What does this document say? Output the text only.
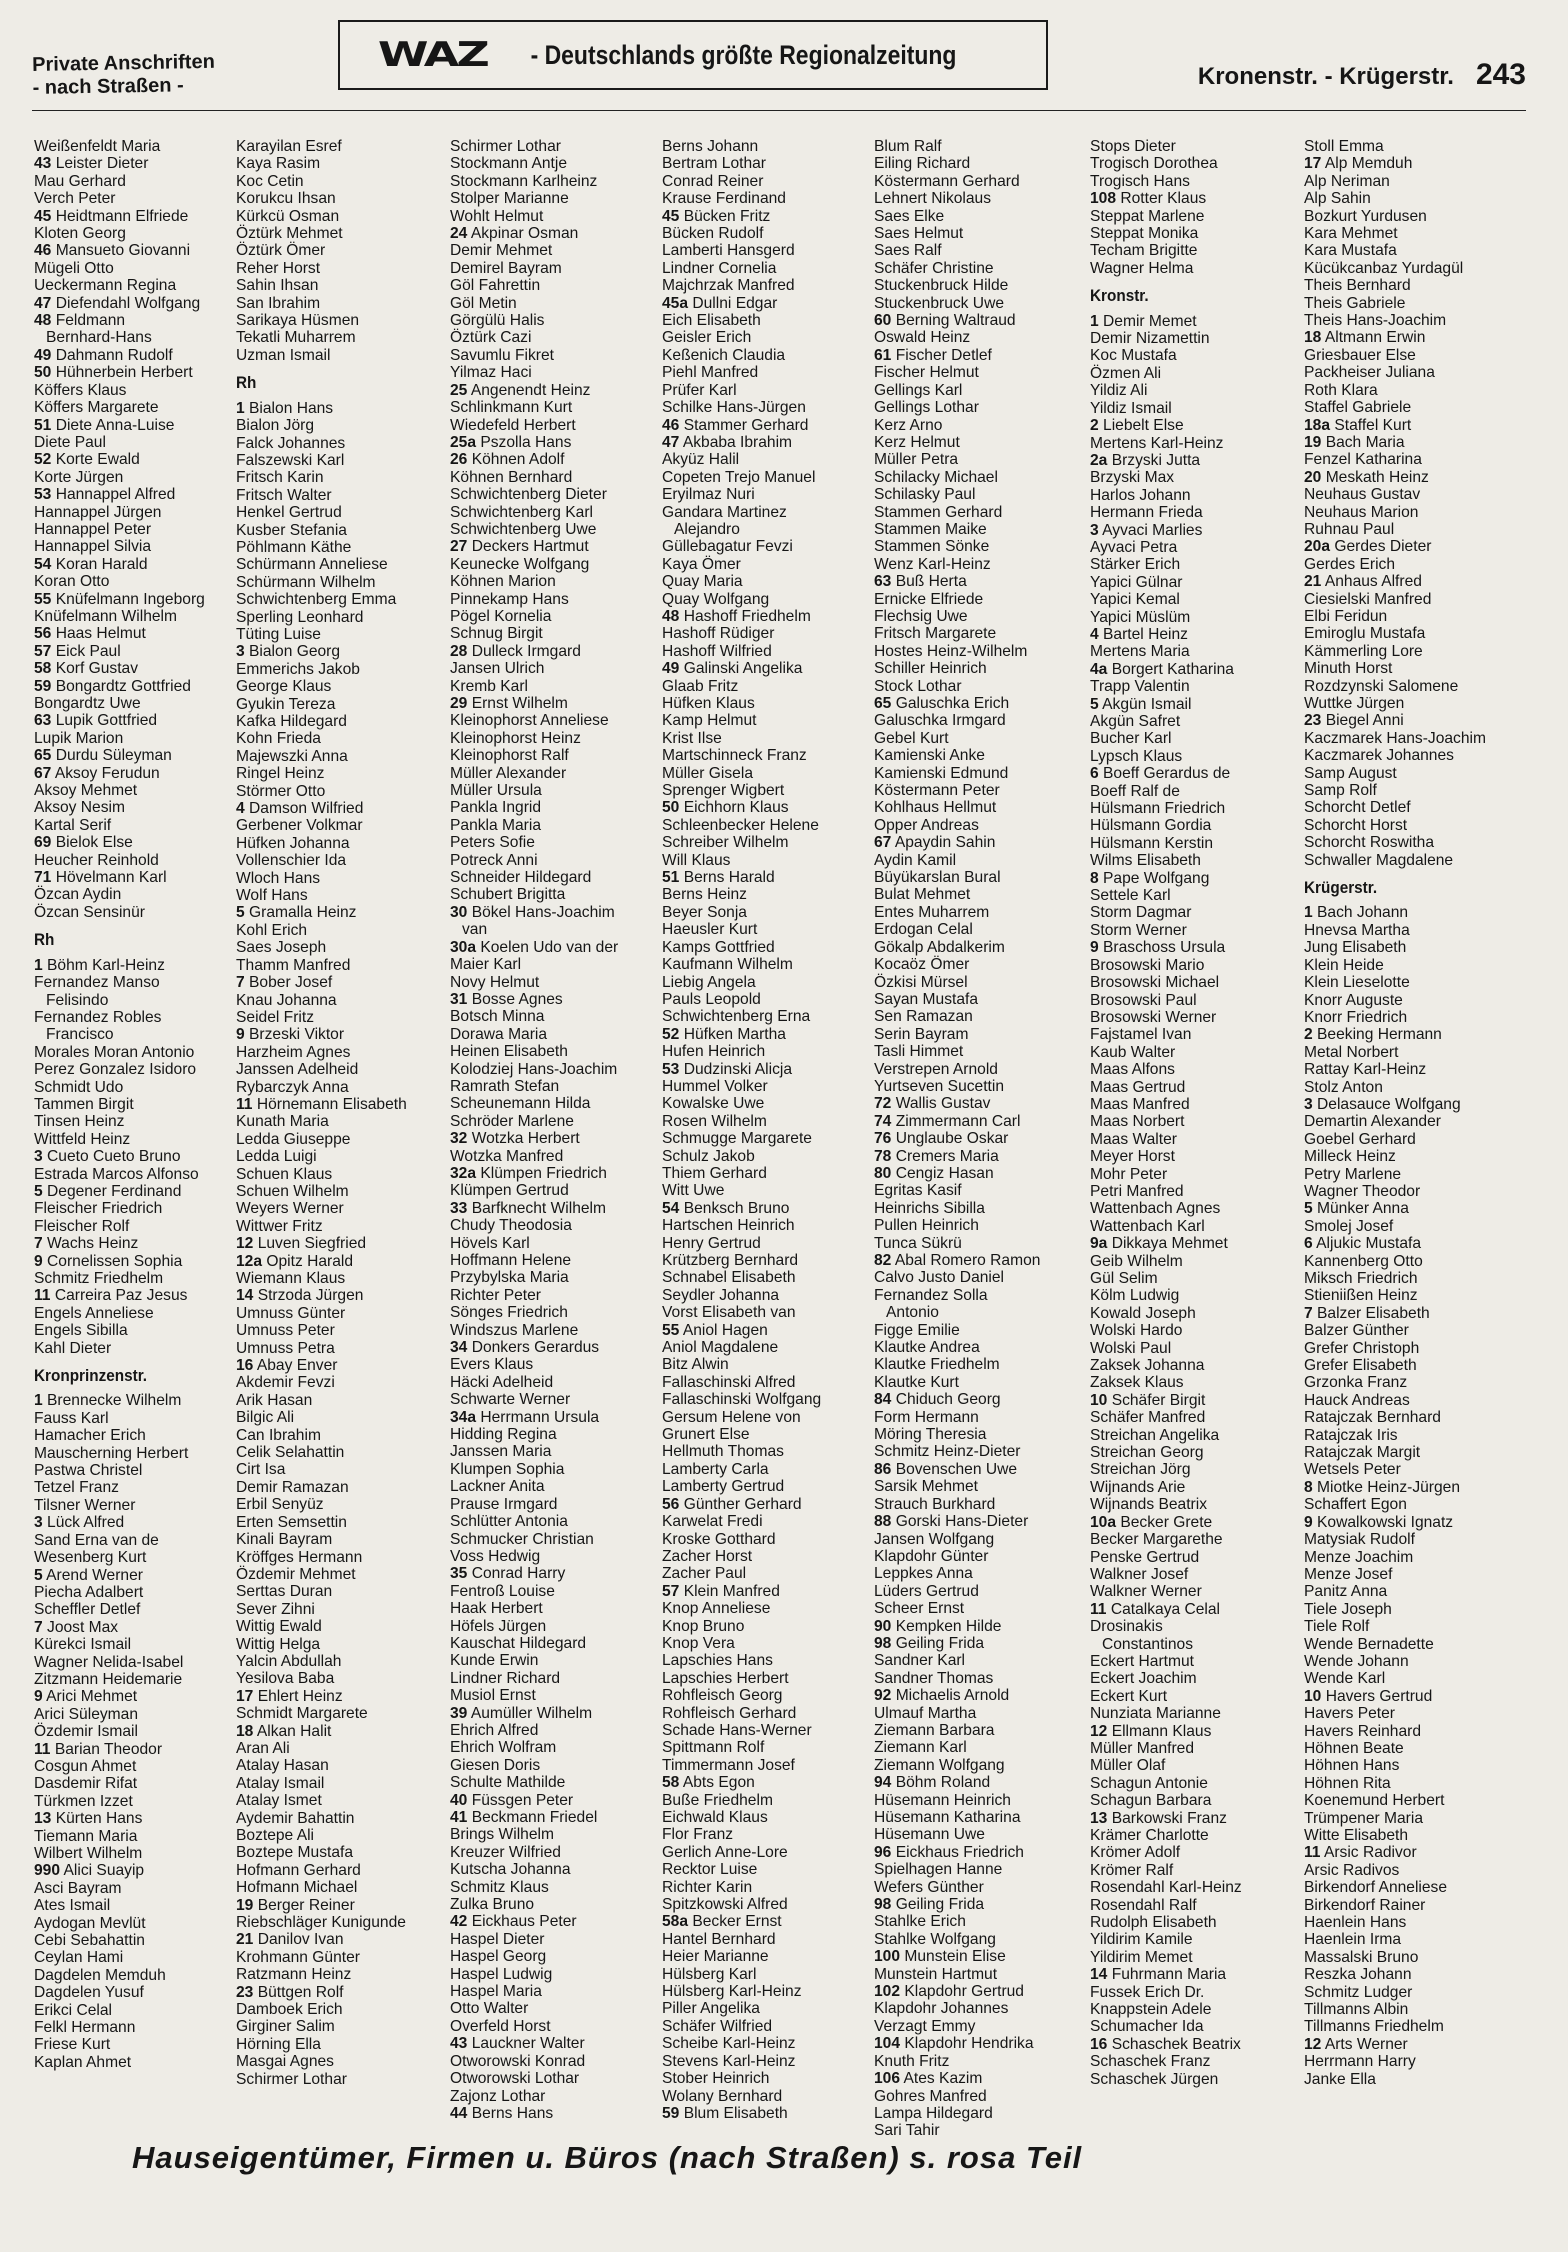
Private Anschriften
- nach Straßen -
WAZ - Deutschlands größte Regionalzeitung
Kronenstr. - Krügerstr. 243
Weißenfeldt Maria
43 Leister Dieter
Mau Gerhard
Verch Peter
45 Heidtmann Elfriede
Kloten Georg
46 Mansueto Giovanni
Mügeli Otto
Ueckermann Regina
47 Diefendahl Wolfgang
48 Feldmann
Bernhard-Hans
49 Dahmann Rudolf
50 Hühnerbein Herbert
Köffers Klaus
Köffers Margarete
51 Diete Anna-Luise
Diete Paul
52 Korte Ewald
Korte Jürgen
53 Hannappel Alfred
Hannappel Jürgen
Hannappel Peter
Hannappel Silvia
54 Koran Harald
Koran Otto
55 Knüfelmann Ingeborg
Knüfelmann Wilhelm
56 Haas Helmut
57 Eick Paul
58 Korf Gustav
59 Bongardtz Gottfried
Bongardtz Uwe
63 Lupik Gottfried
Lupik Marion
65 Durdu Süleyman
67 Aksoy Ferudun
Aksoy Mehmet
Aksoy Nesim
Kartal Serif
69 Bielok Else
Heucher Reinhold
71 Hövelmann Karl
Özcan Aydin
Özcan Sensinür
Rh
1 Böhm Karl-Heinz
Fernandez Manso
Felisindo
Fernandez Robles
Francisco
Morales Moran Antonio
Perez Gonzalez Isidoro
Schmidt Udo
Tammen Birgit
Tinsen Heinz
Wittfeld Heinz
3 Cueto Cueto Bruno
Estrada Marcos Alfonso
5 Degener Ferdinand
Fleischer Friedrich
Fleischer Rolf
7 Wachs Heinz
9 Cornelissen Sophia
Schmitz Friedhelm
11 Carreira Paz Jesus
Engels Anneliese
Engels Sibilla
Kahl Dieter
Kronprinzenstr.
1 Brennecke Wilhelm
Fauss Karl
Hamacher Erich
Mauscherning Herbert
Pastwa Christel
Tetzel Franz
Tilsner Werner
3 Lück Alfred
Sand Erna van de
Wesenberg Kurt
5 Arend Werner
Piecha Adalbert
Scheffler Detlef
7 Joost Max
Kürekci Ismail
Wagner Nelida-Isabel
Zitzmann Heidemarie
9 Arici Mehmet
Arici Süleyman
Özdemir Ismail
11 Barian Theodor
Cosgun Ahmet
Dasdemir Rifat
Türkmen Izzet
13 Kürten Hans
Tiemann Maria
Wilbert Wilhelm
990 Alici Suayip
Asci Bayram
Ates Ismail
Aydogan Mevlüt
Cebi Sebahattin
Ceylan Hami
Dagdelen Memduh
Dagdelen Yusuf
Erikci Celal
Felkl Hermann
Friese Kurt
Kaplan Ahmet
Karayilan Esref
Kaya Rasim
Koc Cetin
Korukcu Ihsan
Kürkcü Osman
Öztürk Mehmet
Öztürk Ömer
Reher Horst
Sahin Ihsan
San Ibrahim
Sarikaya Hüsmen
Tekatli Muharrem
Uzman Ismail
Rh
1 Bialon Hans
Bialon Jörg
Falck Johannes
Falszewski Karl
Fritsch Karin
Fritsch Walter
Henkel Gertrud
Kusber Stefania
Pöhlmann Käthe
Schürmann Anneliese
Schürmann Wilhelm
Schwichtenberg Emma
Sperling Leonhard
Tüting Luise
3 Bialon Georg
Emmerichs Jakob
George Klaus
Gyukin Tereza
Kafka Hildegard
Kohn Frieda
Majewszki Anna
Ringel Heinz
Störmer Otto
4 Damson Wilfried
Gerbener Volkmar
Hüfken Johanna
Vollenschier Ida
Wloch Hans
Wolf Hans
5 Gramalla Heinz
Kohl Erich
Saes Joseph
Thamm Manfred
7 Bober Josef
Knau Johanna
Seidel Fritz
9 Brzeski Viktor
Harzheim Agnes
Janssen Adelheid
Rybarczyk Anna
11 Hörnemann Elisabeth
Kunath Maria
Ledda Giuseppe
Ledda Luigi
Schuen Klaus
Schuen Wilhelm
Weyers Werner
Wittwer Fritz
12 Luven Siegfried
12a Opitz Harald
Wiemann Klaus
14 Strzoda Jürgen
Umnuss Günter
Umnuss Peter
Umnuss Petra
16 Abay Enver
Akdemir Fevzi
Arik Hasan
Bilgic Ali
Can Ibrahim
Celik Selahattin
Cirt Isa
Demir Ramazan
Erbil Senyüz
Erten Semsettin
Kinali Bayram
Kröffges Hermann
Özdemir Mehmet
Serttas Duran
Sever Zihni
Wittig Ewald
Wittig Helga
Yalcin Abdullah
Yesilova Baba
17 Ehlert Heinz
Schmidt Margarete
18 Alkan Halit
Aran Ali
Atalay Hasan
Atalay Ismail
Atalay Ismet
Aydemir Bahattin
Boztepe Ali
Boztepe Mustafa
Hofmann Gerhard
Hofmann Michael
19 Berger Reiner
Riebschläger Kunigunde
21 Danilov Ivan
Krohmann Günter
Ratzmann Heinz
23 Büttgen Rolf
Damboek Erich
Girginer Salim
Hörning Ella
Masgai Agnes
Schirmer Lothar
Schirmer Lothar
Stockmann Antje
Stockmann Karlheinz
Stolper Marianne
Wohlt Helmut
24 Akpinar Osman
Demir Mehmet
Demirel Bayram
Göl Fahrettin
Göl Metin
Görgülü Halis
Öztürk Cazi
Savumlu Fikret
Yilmaz Haci
25 Angenendt Heinz
Schlinkmann Kurt
Wiedefeld Herbert
25a Pszolla Hans
26 Köhnen Adolf
Köhnen Bernhard
Schwichtenberg Dieter
Schwichtenberg Karl
Schwichtenberg Uwe
27 Deckers Hartmut
Keunecke Wolfgang
Köhnen Marion
Pinnekamp Hans
Pögel Kornelia
Schnug Birgit
28 Dulleck Irmgard
Jansen Ulrich
Kremb Karl
29 Ernst Wilhelm
Kleinophorst Anneliese
Kleinophorst Heinz
Kleinophorst Ralf
Müller Alexander
Müller Ursula
Pankla Ingrid
Pankla Maria
Peters Sofie
Potreck Anni
Schneider Hildegard
Schubert Brigitta
30 Bökel Hans-Joachim
van
30a Koelen Udo van der
Maier Karl
Novy Helmut
31 Bosse Agnes
Botsch Minna
Dorawa Maria
Heinen Elisabeth
Kolodziej Hans-Joachim
Ramrath Stefan
Scheunemann Hilda
Schröder Marlene
32 Wotzka Herbert
Wotzka Manfred
32a Klümpen Friedrich
Klümpen Gertrud
33 Barfknecht Wilhelm
Chudy Theodosia
Hövels Karl
Hoffmann Helene
Przybylska Maria
Richter Peter
Sönges Friedrich
Windszus Marlene
34 Donkers Gerardus
Evers Klaus
Häcki Adelheid
Schwarte Werner
34a Herrmann Ursula
Hidding Regina
Janssen Maria
Klumpen Sophia
Lackner Anita
Prause Irmgard
Schlütter Antonia
Schmucker Christian
Voss Hedwig
35 Conrad Harry
Fentroß Louise
Haak Herbert
Höfels Jürgen
Kauschat Hildegard
Kunde Erwin
Lindner Richard
Musiol Ernst
39 Aumüller Wilhelm
Ehrich Alfred
Ehrich Wolfram
Giesen Doris
Schulte Mathilde
40 Füssgen Peter
41 Beckmann Friedel
Brings Wilhelm
Kreuzer Wilfried
Kutscha Johanna
Schmitz Klaus
Zulka Bruno
42 Eickhaus Peter
Haspel Dieter
Haspel Georg
Haspel Ludwig
Haspel Maria
Otto Walter
Overfeld Horst
43 Lauckner Walter
Otworowski Konrad
Otworowski Lothar
Zajonz Lothar
44 Berns Hans
Berns Johann
Bertram Lothar
Conrad Reiner
Krause Ferdinand
45 Bücken Fritz
Bücken Rudolf
Lamberti Hansgerd
Lindner Cornelia
Majchrzak Manfred
45a Dullni Edgar
Eich Elisabeth
Geisler Erich
Keßenich Claudia
Piehl Manfred
Prüfer Karl
Schilke Hans-Jürgen
46 Stammer Gerhard
47 Akbaba Ibrahim
Akyüz Halil
Copeten Trejo Manuel
Eryilmaz Nuri
Gandara Martinez
Alejandro
Güllebagatur Fevzi
Kaya Ömer
Quay Maria
Quay Wolfgang
48 Hashoff Friedhelm
Hashoff Rüdiger
Hashoff Wilfried
49 Galinski Angelika
Glaab Fritz
Hüfken Klaus
Kamp Helmut
Krist Ilse
Martschinneck Franz
Müller Gisela
Sprenger Wigbert
50 Eichhorn Klaus
Schleenbecker Helene
Schreiber Wilhelm
Will Klaus
51 Berns Harald
Berns Heinz
Beyer Sonja
Haeusler Kurt
Kamps Gottfried
Kaufmann Wilhelm
Liebig Angela
Pauls Leopold
Schwichtenberg Erna
52 Hüfken Martha
Hufen Heinrich
53 Dudzinski Alicja
Hummel Volker
Kowalske Uwe
Rosen Wilhelm
Schmugge Margarete
Schulz Jakob
Thiem Gerhard
Witt Uwe
54 Benksch Bruno
Hartschen Heinrich
Henry Gertrud
Krützberg Bernhard
Schnabel Elisabeth
Seydler Johanna
Vorst Elisabeth van
55 Aniol Hagen
Aniol Magdalene
Bitz Alwin
Fallaschinski Alfred
Fallaschinski Wolfgang
Gersum Helene von
Grunert Else
Hellmuth Thomas
Lamberty Carla
Lamberty Gertrud
56 Günther Gerhard
Karwelat Fredi
Kroske Gotthard
Zacher Horst
Zacher Paul
57 Klein Manfred
Knop Anneliese
Knop Bruno
Knop Vera
Lapschies Hans
Lapschies Herbert
Rohfleisch Georg
Rohfleisch Gerhard
Schade Hans-Werner
Spittmann Rolf
Timmermann Josef
58 Abts Egon
Buße Friedhelm
Eichwald Klaus
Flor Franz
Gerlich Anne-Lore
Recktor Luise
Richter Karin
Spitzkowski Alfred
58a Becker Ernst
Hantel Bernhard
Heier Marianne
Hülsberg Karl
Hülsberg Karl-Heinz
Piller Angelika
Schäfer Wilfried
Scheibe Karl-Heinz
Stevens Karl-Heinz
Stober Heinrich
Wolany Bernhard
59 Blum Elisabeth
Blum Ralf
Eiling Richard
Köstermann Gerhard
Lehnert Nikolaus
Saes Elke
Saes Helmut
Saes Ralf
Schäfer Christine
Stuckenbruck Hilde
Stuckenbruck Uwe
60 Berning Waltraud
Oswald Heinz
61 Fischer Detlef
Fischer Helmut
Gellings Karl
Gellings Lothar
Kerz Arno
Kerz Helmut
Müller Petra
Schilacky Michael
Schilasky Paul
Stammen Gerhard
Stammen Maike
Stammen Sönke
Wenz Karl-Heinz
63 Buß Herta
Ernicke Elfriede
Flechsig Uwe
Fritsch Margarete
Hostes Heinz-Wilhelm
Schiller Heinrich
Stock Lothar
65 Galuschka Erich
Galuschka Irmgard
Gebel Kurt
Kamienski Anke
Kamienski Edmund
Köstermann Peter
Kohlhaus Hellmut
Opper Andreas
67 Apaydin Sahin
Aydin Kamil
Büyükarslan Bural
Bulat Mehmet
Entes Muharrem
Erdogan Celal
Gökalp Abdalkerim
Kocaöz Ömer
Özkisi Mürsel
Sayan Mustafa
Sen Ramazan
Serin Bayram
Tasli Himmet
Verstrepen Arnold
Yurtseven Sucettin
72 Wallis Gustav
74 Zimmermann Carl
76 Unglaube Oskar
78 Cremers Maria
80 Cengiz Hasan
Egritas Kasif
Heinrichs Sibilla
Pullen Heinrich
Tunca Sükrü
82 Abal Romero Ramon
Calvo Justo Daniel
Fernandez Solla
Antonio
Figge Emilie
Klautke Andrea
Klautke Friedhelm
Klautke Kurt
84 Chiduch Georg
Form Hermann
Möring Theresia
Schmitz Heinz-Dieter
86 Bovenschen Uwe
Sarsik Mehmet
Strauch Burkhard
88 Gorski Hans-Dieter
Jansen Wolfgang
Klapdohr Günter
Leppkes Anna
Lüders Gertrud
Scheer Ernst
90 Kempken Hilde
98 Geiling Frida
Sandner Karl
Sandner Thomas
92 Michaelis Arnold
Ulmauf Martha
Ziemann Barbara
Ziemann Karl
Ziemann Wolfgang
94 Böhm Roland
Hüsemann Heinrich
Hüsemann Katharina
Hüsemann Uwe
96 Eickhaus Friedrich
Spielhagen Hanne
Wefers Günther
98 Geiling Frida
Stahlke Erich
Stahlke Wolfgang
100 Munstein Elise
Munstein Hartmut
102 Klapdohr Gertrud
Klapdohr Johannes
Verzagt Emmy
104 Klapdohr Hendrika
Knuth Fritz
106 Ates Kazim
Gohres Manfred
Lampa Hildegard
Sari Tahir
Stops Dieter
Trogisch Dorothea
Trogisch Hans
108 Rotter Klaus
Steppat Marlene
Steppat Monika
Techam Brigitte
Wagner Helma
Kronstr.
1 Demir Memet
Demir Nizamettin
Koc Mustafa
Özmen Ali
Yildiz Ali
Yildiz Ismail
2 Liebelt Else
Mertens Karl-Heinz
2a Brzyski Jutta
Brzyski Max
Harlos Johann
Hermann Frieda
3 Ayvaci Marlies
Ayvaci Petra
Stärker Erich
Yapici Gülnar
Yapici Kemal
Yapici Müslüm
4 Bartel Heinz
Mertens Maria
4a Borgert Katharina
Trapp Valentin
5 Akgün Ismail
Akgün Safret
Bucher Karl
Lypsch Klaus
6 Boeff Gerardus de
Boeff Ralf de
Hülsmann Friedrich
Hülsmann Gordia
Hülsmann Kerstin
Wilms Elisabeth
8 Pape Wolfgang
Settele Karl
Storm Dagmar
Storm Werner
9 Braschoss Ursula
Brosowski Mario
Brosowski Michael
Brosowski Paul
Brosowski Werner
Fajstamel Ivan
Kaub Walter
Maas Alfons
Maas Gertrud
Maas Manfred
Maas Norbert
Maas Walter
Meyer Horst
Mohr Peter
Petri Manfred
Wattenbach Agnes
Wattenbach Karl
9a Dikkaya Mehmet
Geib Wilhelm
Gül Selim
Kölm Ludwig
Kowald Joseph
Wolski Hardo
Wolski Paul
Zaksek Johanna
Zaksek Klaus
10 Schäfer Birgit
Schäfer Manfred
Streichan Angelika
Streichan Georg
Streichan Jörg
Wijnands Arie
Wijnands Beatrix
10a Becker Grete
Becker Margarethe
Penske Gertrud
Walkner Josef
Walkner Werner
11 Catalkaya Celal
Drosinakis
Constantinos
Eckert Hartmut
Eckert Joachim
Eckert Kurt
Nunziata Marianne
12 Ellmann Klaus
Müller Manfred
Müller Olaf
Schagun Antonie
Schagun Barbara
13 Barkowski Franz
Krämer Charlotte
Krömer Adolf
Krömer Ralf
Rosendahl Karl-Heinz
Rosendahl Ralf
Rudolph Elisabeth
Yildirim Kamile
Yildirim Memet
14 Fuhrmann Maria
Fussek Erich Dr.
Knappstein Adele
Schumacher Ida
16 Schaschek Beatrix
Schaschek Franz
Schaschek Jürgen
Stoll Emma
17 Alp Memduh
Alp Neriman
Alp Sahin
Bozkurt Yurdusen
Kara Mehmet
Kara Mustafa
Kücükcanbaz Yurdagül
Theis Bernhard
Theis Gabriele
Theis Hans-Joachim
18 Altmann Erwin
Griesbauer Else
Packheiser Juliana
Roth Klara
Staffel Gabriele
18a Staffel Kurt
19 Bach Maria
Fenzel Katharina
20 Meskath Heinz
Neuhaus Gustav
Neuhaus Marion
Ruhnau Paul
20a Gerdes Dieter
Gerdes Erich
21 Anhaus Alfred
Ciesielski Manfred
Elbi Feridun
Emiroglu Mustafa
Kämmerling Lore
Minuth Horst
Rozdzynski Salomene
Wuttke Jürgen
23 Biegel Anni
Kaczmarek Hans-Joachim
Kaczmarek Johannes
Samp August
Samp Rolf
Schorcht Detlef
Schorcht Horst
Schorcht Roswitha
Schwaller Magdalene
Krügerstr.
1 Bach Johann
Hnevsa Martha
Jung Elisabeth
Klein Heide
Klein Lieselotte
Knorr Auguste
Knorr Friedrich
2 Beeking Hermann
Metal Norbert
Rattay Karl-Heinz
Stolz Anton
3 Delasauce Wolfgang
Demartin Alexander
Goebel Gerhard
Milleck Heinz
Petry Marlene
Wagner Theodor
5 Münker Anna
Smolej Josef
6 Aljukic Mustafa
Kannenberg Otto
Miksch Friedrich
Stieniißen Heinz
7 Balzer Elisabeth
Balzer Günther
Grefer Christoph
Grefer Elisabeth
Grzonka Franz
Hauck Andreas
Ratajczak Bernhard
Ratajczak Iris
Ratajczak Margit
Wetsels Peter
8 Miotke Heinz-Jürgen
Schaffert Egon
9 Kowalkowski Ignatz
Matysiak Rudolf
Menze Joachim
Menze Josef
Panitz Anna
Tiele Joseph
Tiele Rolf
Wende Bernadette
Wende Johann
Wende Karl
10 Havers Gertrud
Havers Peter
Havers Reinhard
Höhnen Beate
Höhnen Hans
Höhnen Rita
Koenemund Herbert
Trümpener Maria
Witte Elisabeth
11 Arsic Radivor
Arsic Radivos
Birkendorf Anneliese
Birkendorf Rainer
Haenlein Hans
Haenlein Irma
Massalski Bruno
Reszka Johann
Schmitz Ludger
Tillmanns Albin
Tillmanns Friedhelm
12 Arts Werner
Herrmann Harry
Janke Ella
Hauseigentümer, Firmen u. Büros (nach Straßen) s. rosa Teil
